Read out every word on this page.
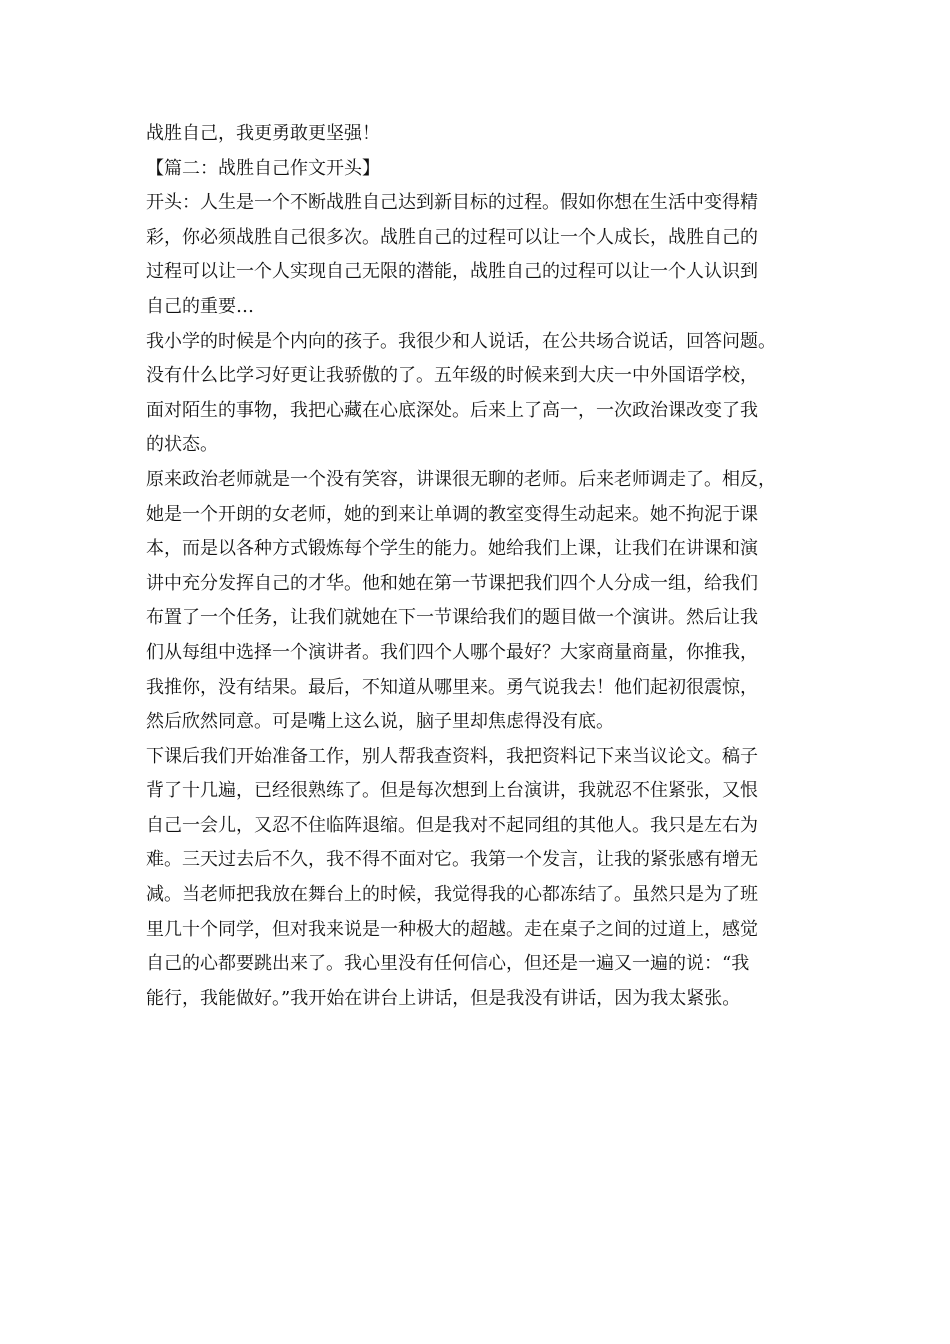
战胜自己，我更勇敢更坚强！
【篇二：战胜自己作文开头】
开头：人生是一个不断战胜自己达到新目标的过程。假如你想在生活中变得精
彩，你必须战胜自己很多次。战胜自己的过程可以让一个人成长，战胜自己的
过程可以让一个人实现自己无限的潜能，战胜自己的过程可以让一个人认识到
自己的重要…
我小学的时候是个内向的孩子。我很少和人说话，在公共场合说话，回答问题。
没有什么比学习好更让我骄傲的了。五年级的时候来到大庆一中外国语学校，
面对陌生的事物，我把心藏在心底深处。后来上了高一，一次政治课改变了我
的状态。
原来政治老师就是一个没有笑容，讲课很无聊的老师。后来老师调走了。相反，
她是一个开朗的女老师，她的到来让单调的教室变得生动起来。她不拘泥于课
本，而是以各种方式锻炼每个学生的能力。她给我们上课，让我们在讲课和演
讲中充分发挥自己的才华。他和她在第一节课把我们四个人分成一组，给我们
布置了一个任务，让我们就她在下一节课给我们的题目做一个演讲。然后让我
们从每组中选择一个演讲者。我们四个人哪个最好？大家商量商量，你推我，
我推你，没有结果。最后，不知道从哪里来。勇气说我去！他们起初很震惊，
然后欣然同意。可是嘴上这么说，脑子里却焦虑得没有底。
下课后我们开始准备工作，别人帮我查资料，我把资料记下来当议论文。稿子
背了十几遍，已经很熟练了。但是每次想到上台演讲，我就忍不住紧张，又恨
自己一会儿，又忍不住临阵退缩。但是我对不起同组的其他人。我只是左右为
难。三天过去后不久，我不得不面对它。我第一个发言，让我的紧张感有增无
减。当老师把我放在舞台上的时候，我觉得我的心都冻结了。虽然只是为了班
里几十个同学，但对我来说是一种极大的超越。走在桌子之间的过道上，感觉
自己的心都要跳出来了。我心里没有任何信心，但还是一遍又一遍的说：“我
能行，我能做好。”我开始在讲台上讲话，但是我没有讲话，因为我太紧张。
